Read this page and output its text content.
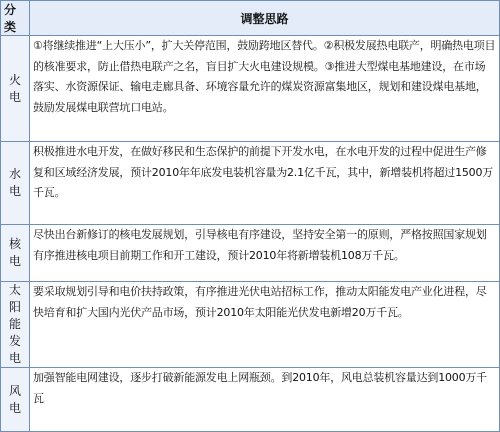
分类	调整思路
火电	①将继续推进“上大压小”，扩大关停范围，鼓励跨地区替代。②积极发展热电联产，明确热电项目的核准要求，防止借热电联产之名，盲目扩大火电建设规模。③推进大型煤电基地建设，在市场落实、水资源保证、输电走廊具备、环境容量允许的煤炭资源富集地区，规划和建设煤电基地，鼓励发展煤电联营坑口电站。
水电	积极推进水电开发，在做好移民和生态保护的前提下开发水电，在水电开发的过程中促进生产修复和区域经济发展，预计2010年年底发电装机容量为2.1亿千瓦，其中，新增装机将超过1500万千瓦。
核电	尽快出台新修订的核电发展规划，引导核电有序建设，坚持安全第一的原则，严格按照国家规划有序推进核电项目前期工作和开工建设，预计2010年将新增装机108万千瓦。
太阳能发电	要采取规划引导和电价扶持政策，有序推进光伏电站招标工作，推动太阳能发电产业化进程，尽快培育和扩大国内光伏产品市场，预计2010年太阳能光伏发电新增20万千瓦。
风电	加强智能电网建设，逐步打破新能源发电上网瓶颈。到2010年，风电总装机容量达到1000万千瓦
